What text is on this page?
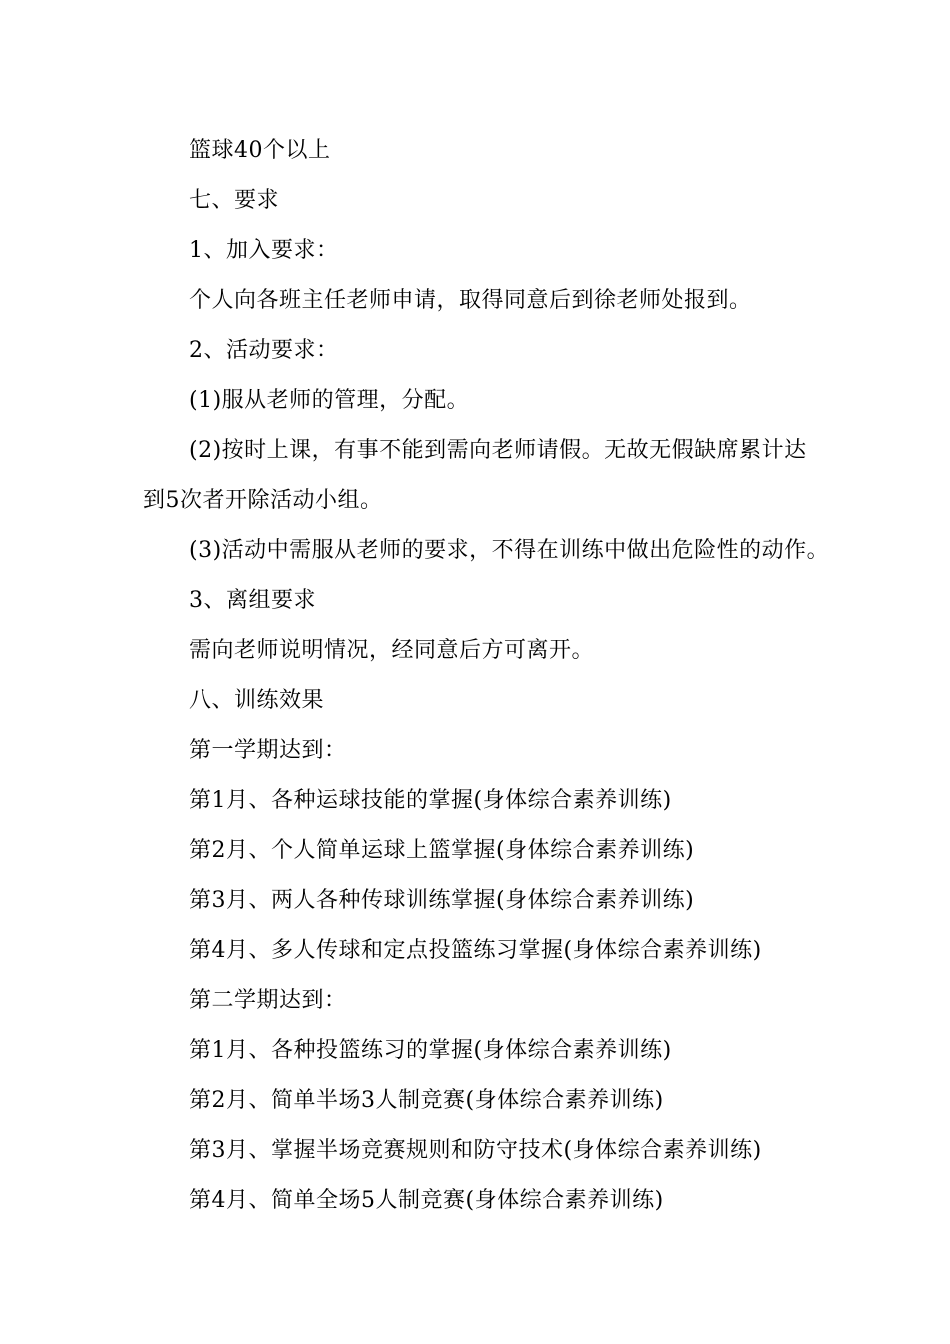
篮球40个以上
七、要求
1、加入要求：
个人向各班主任老师申请，取得同意后到徐老师处报到。
2、活动要求：
(1)服从老师的管理，分配。
(2)按时上课，有事不能到需向老师请假。无故无假缺席累计达
到5次者开除活动小组。
(3)活动中需服从老师的要求，不得在训练中做出危险性的动作。
3、离组要求
需向老师说明情况，经同意后方可离开。
八、训练效果
第一学期达到：
第1月、各种运球技能的掌握(身体综合素养训练)
第2月、个人简单运球上篮掌握(身体综合素养训练)
第3月、两人各种传球训练掌握(身体综合素养训练)
第4月、多人传球和定点投篮练习掌握(身体综合素养训练)
第二学期达到：
第1月、各种投篮练习的掌握(身体综合素养训练)
第2月、简单半场3人制竞赛(身体综合素养训练)
第3月、掌握半场竞赛规则和防守技术(身体综合素养训练)
第4月、简单全场5人制竞赛(身体综合素养训练)
